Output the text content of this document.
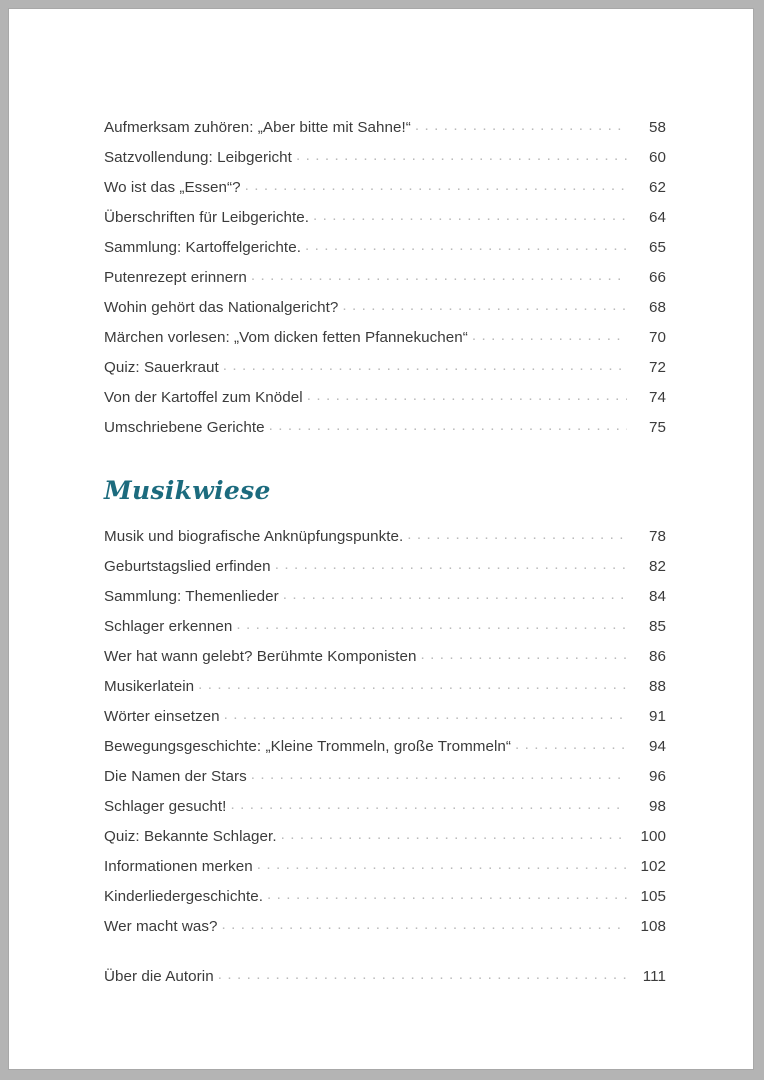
Aufmerksam zuhören: „Aber bitte mit Sahne!“ . . .	58
Satzvollendung: Leibgericht . . .	60
Wo ist das „Essen“? . . .	62
Überschriften für Leibgerichte. . . .	64
Sammlung: Kartoffelgerichte. . . .	65
Putenrezept erinnern . . .	66
Wohin gehört das Nationalgericht? . . .	68
Märchen vorlesen: „Vom dicken fetten Pfannekuchen“ . . .	70
Quiz: Sauerkraut . . .	72
Von der Kartoffel zum Knödel . . .	74
Umschriebene Gerichte . . .	75
Musikwiese
Musik und biografische Anknüpfungspunkte. . . .	78
Geburtstagslied erfinden . . .	82
Sammlung: Themenlieder . . .	84
Schlager erkennen . . .	85
Wer hat wann gelebt? Berühmte Komponisten . . .	86
Musikerlatein . . .	88
Wörter einsetzen . . .	91
Bewegungsgeschichte: „Kleine Trommeln, große Trommeln“ . . .	94
Die Namen der Stars . . .	96
Schlager gesucht! . . .	98
Quiz: Bekannte Schlager. . . .	100
Informationen merken . . .	102
Kinderliedergeschichte. . . .	105
Wer macht was? . . .	108
Über die Autorin . . .	111
